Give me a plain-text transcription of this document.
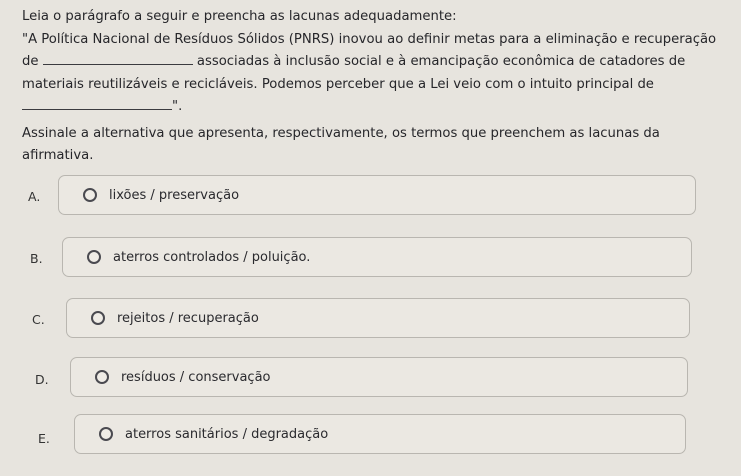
Leia o parágrafo a seguir e preencha as lacunas adequadamente:

"A Política Nacional de Resíduos Sólidos (PNRS) inovou ao definir metas para a eliminação e recuperação

de	associadas à inclusão social e à emancipação econômica de catadores de

materiais reutilizáveis e recicláveis. Podemos perceber que a Lei veio com o intuito principal de

".

Assinale a alternativa que apresenta, respectivamente, os termos que preenchem as lacunas da afirmativa.

A.	lixões / preservação
B.	aterros controlados / poluição.
C.	rejeitos / recuperação
D.	resíduos / conservação
E.	aterros sanitários / degradação
